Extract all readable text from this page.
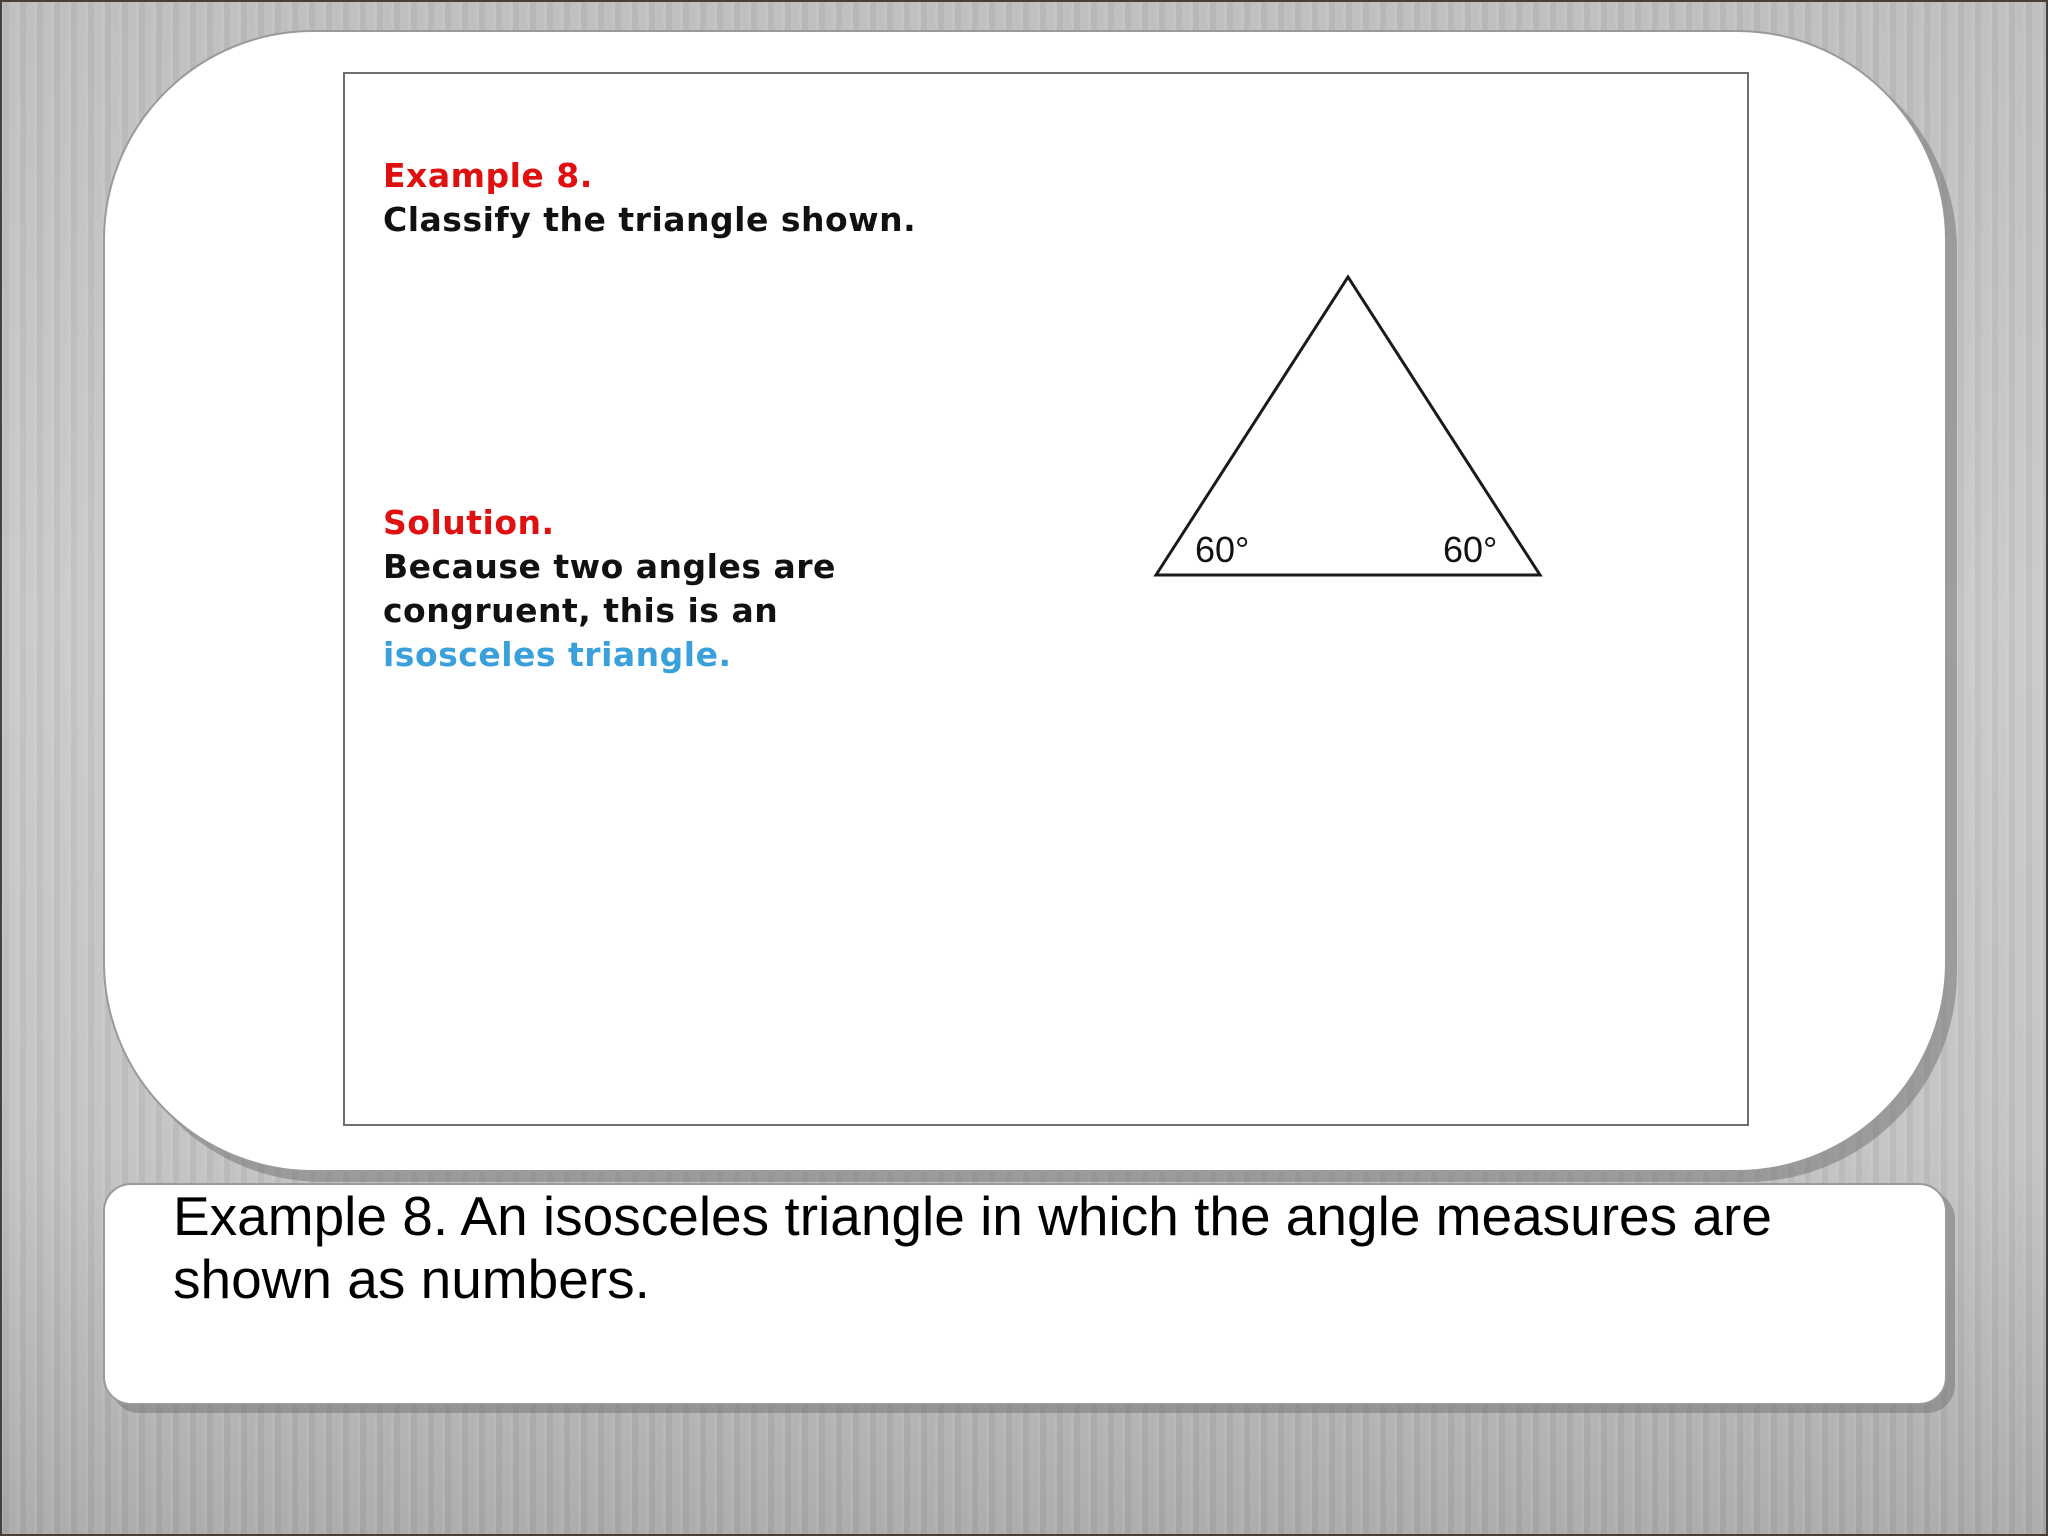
Example 8.
Classify the triangle shown.
Solution.
Because two angles are
congruent, this is an
isosceles triangle.
60°	60°
Example 8. An isosceles triangle in which the angle measures are shown as numbers.
